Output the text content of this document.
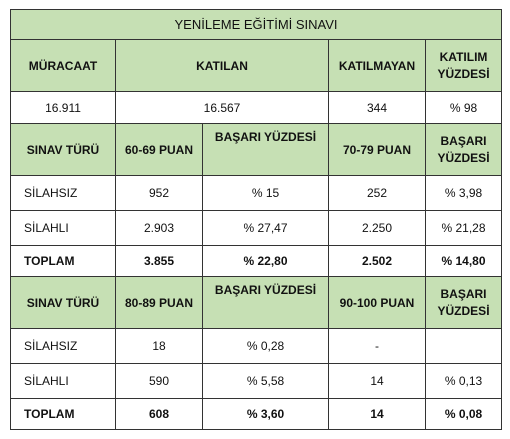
YENİLEME EĞİTİMİ SINAVI				
MÜRACAAT	KATILAN		KATILMAYAN	KATILIM YÜZDESİ
16.911	16.567		344	% 98
SINAV TÜRÜ	60-69 PUAN	BAŞARI YÜZDESİ	70-79 PUAN	BAŞARI YÜZDESİ
SİLAHSIZ	952	% 15	252	% 3,98
SİLAHLI	2.903	% 27,47	2.250	% 21,28
TOPLAM	3.855	% 22,80	2.502	% 14,80
SINAV TÜRÜ	80-89 PUAN	BAŞARI YÜZDESİ	90-100 PUAN	BAŞARI YÜZDESİ
SİLAHSIZ	18	% 0,28	-	
SİLAHLI	590	% 5,58	14	% 0,13
TOPLAM	608	% 3,60	14	% 0,08
